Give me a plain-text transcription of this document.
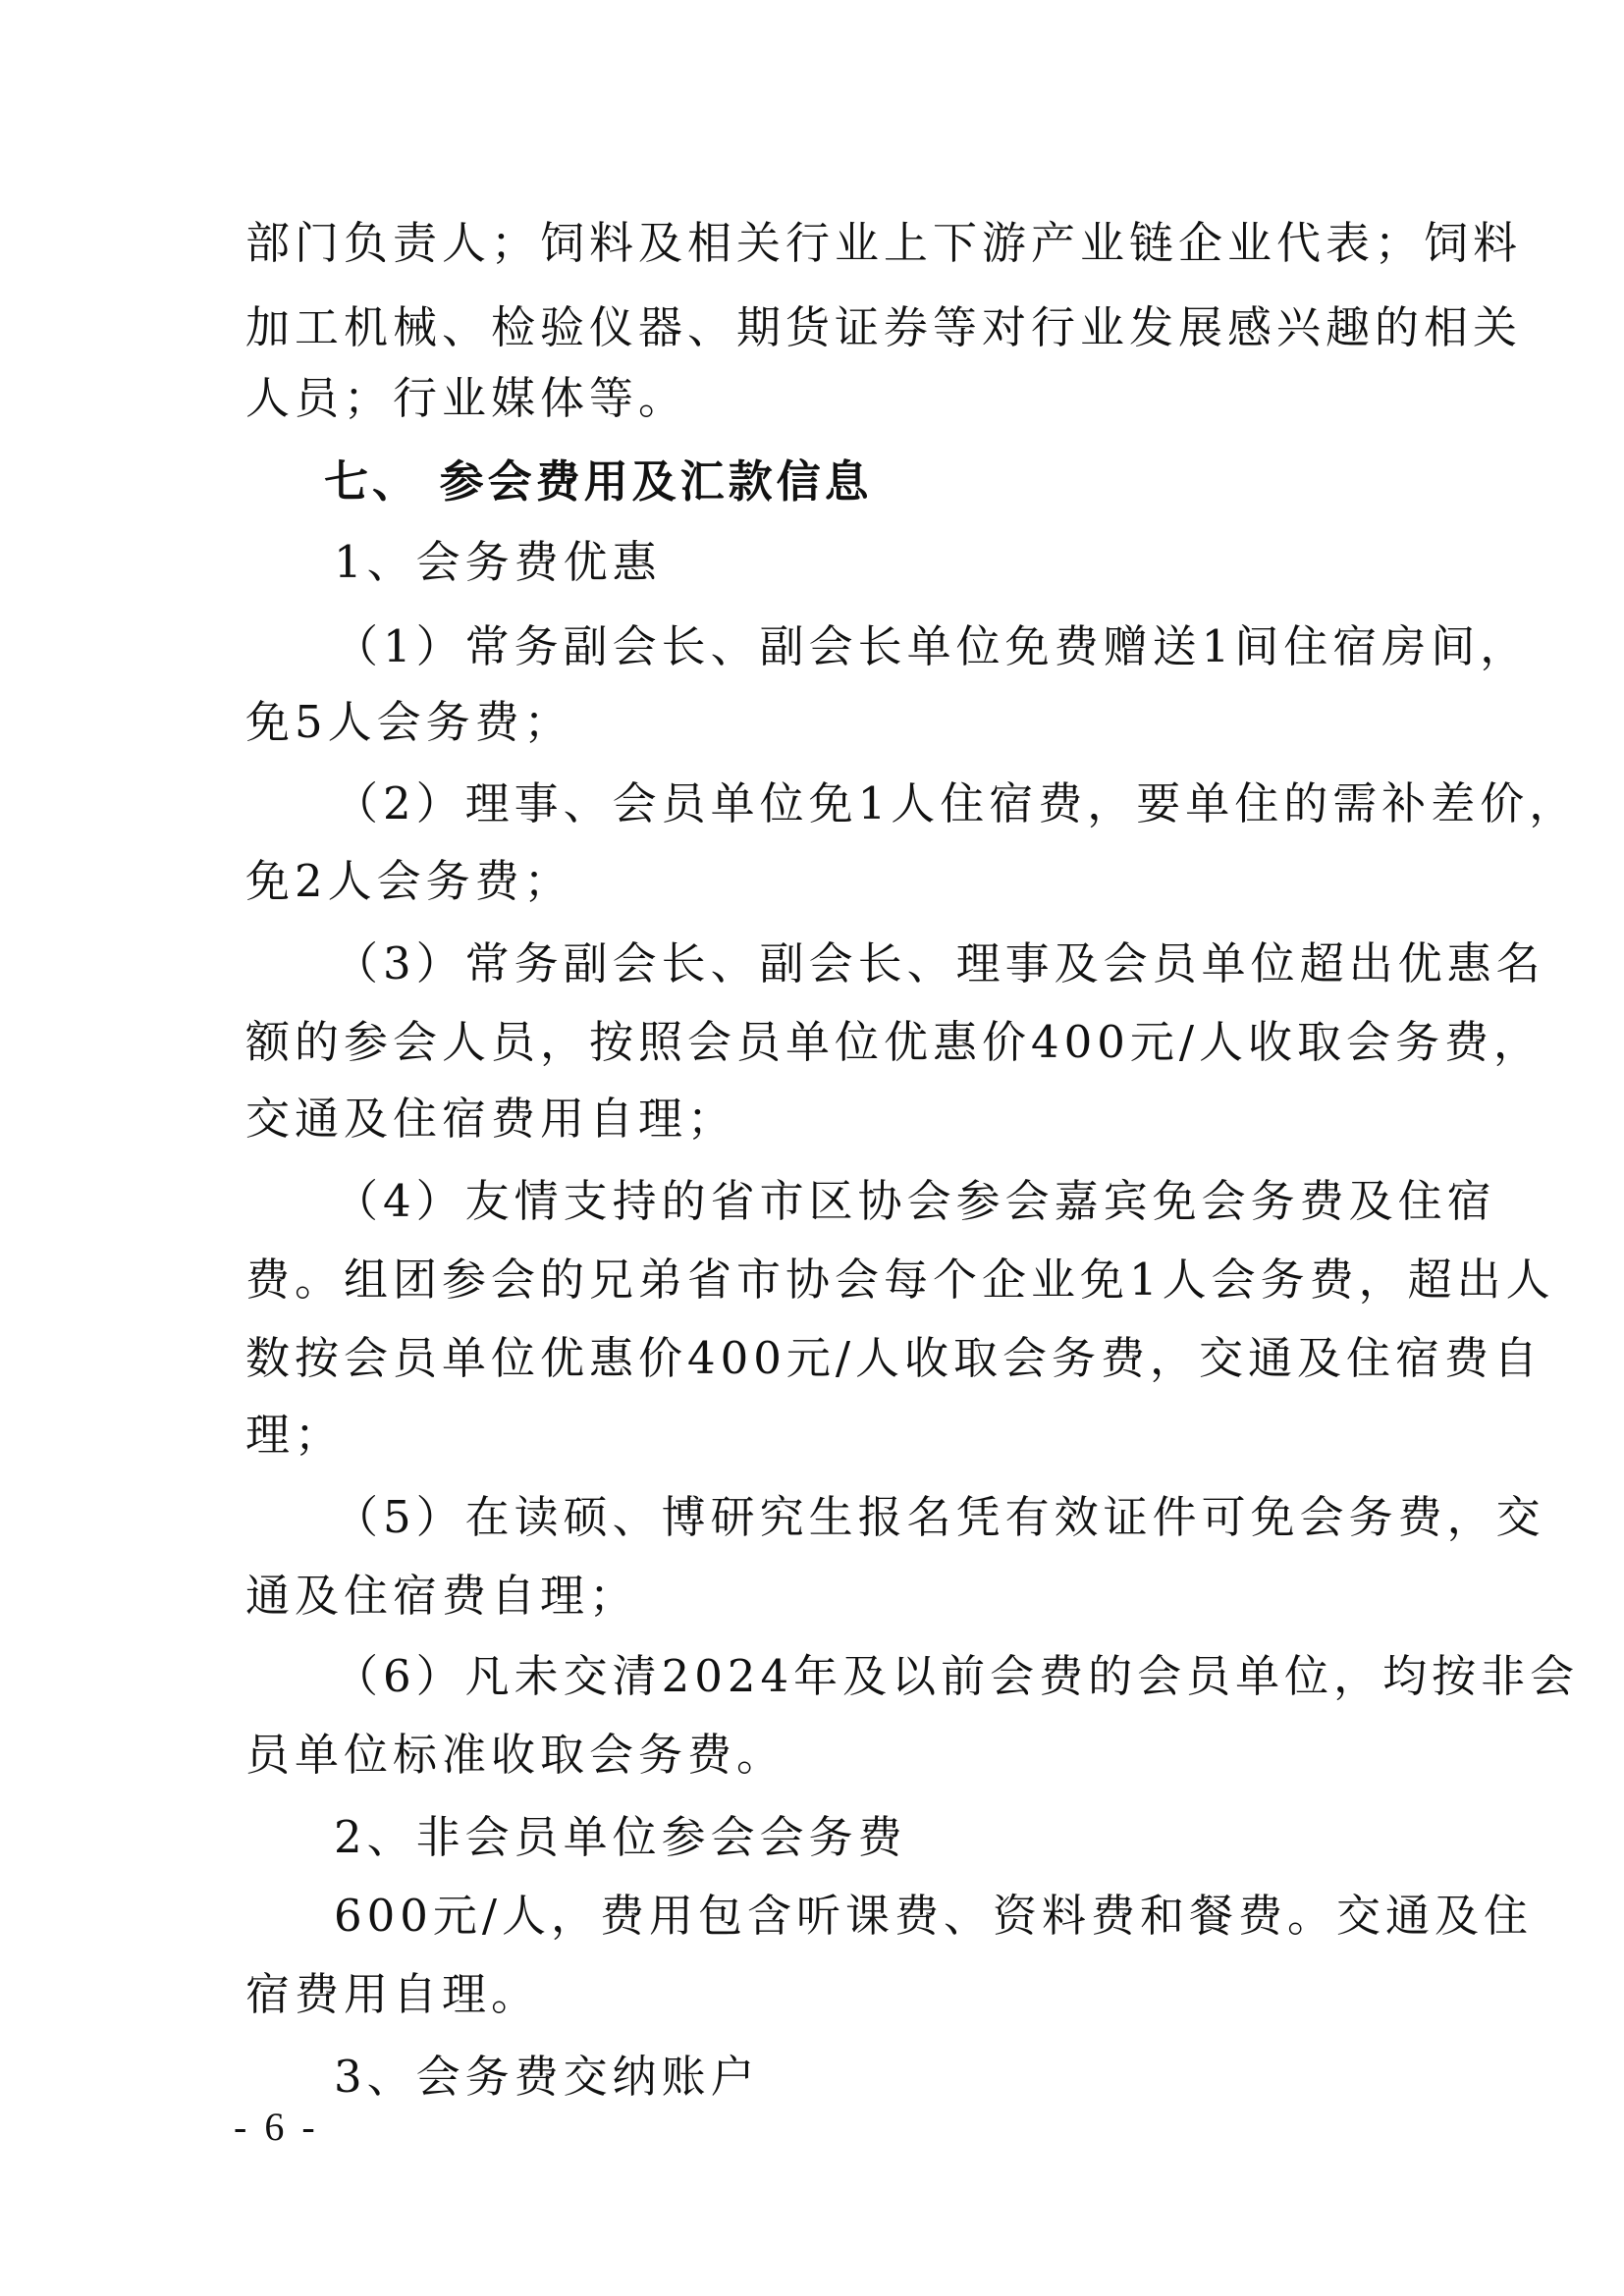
部门负责人；饲料及相关行业上下游产业链企业代表；饲料

加工机械、检验仪器、期货证券等对行业发展感兴趣的相关

人员；行业媒体等。

七、 参会费用及汇款信息

1、会务费优惠

（1）常务副会长、副会长单位免费赠送1间住宿房间，

免5人会务费；

（2）理事、会员单位免1人住宿费，要单住的需补差价，

免2人会务费；

（3）常务副会长、副会长、理事及会员单位超出优惠名

额的参会人员，按照会员单位优惠价400元/人收取会务费，

交通及住宿费用自理；

（4）友情支持的省市区协会参会嘉宾免会务费及住宿

费。组团参会的兄弟省市协会每个企业免1人会务费，超出人

数按会员单位优惠价400元/人收取会务费，交通及住宿费自

理；

（5）在读硕、博研究生报名凭有效证件可免会务费，交

通及住宿费自理；

（6）凡未交清2024年及以前会费的会员单位，均按非会

员单位标准收取会务费。

2、非会员单位参会会务费

600元/人，费用包含听课费、资料费和餐费。交通及住

宿费用自理。

3、会务费交纳账户

- 6 -
